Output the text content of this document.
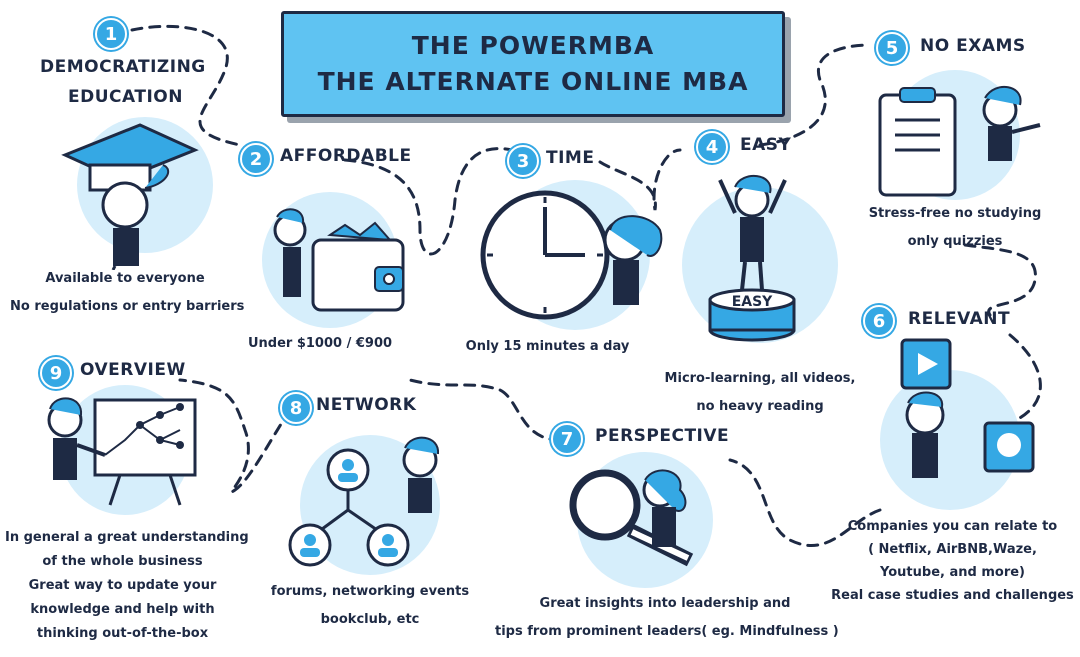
THE POWERMBA
THE ALTERNATE ONLINE MBA
1
DEMOCRATIZING
EDUCATION
Available to everyone
No regulations or entry barriers
2	AFFORDABLE
Under $1000 / €900
3 TIME
Only 15 minutes a day
4	EASY
EASY
Micro-learning, all videos,
no heavy reading
5	NO EXAMS
Stress-free no studying
only quizzies
6	RELEVANT
Companies you can relate to
( Netflix, AirBNB,Waze,
Youtube, and more)
Real case studies and challenges
7	PERSPECTIVE
Great insights into leadership and
tips from prominent leaders( eg. Mindfulness )
8 NETWORK
forums, networking events
bookclub, etc
9	OVERVIEW
In general a great understanding
of the whole business
Great way to update your
knowledge and help with
thinking out-of-the-box
